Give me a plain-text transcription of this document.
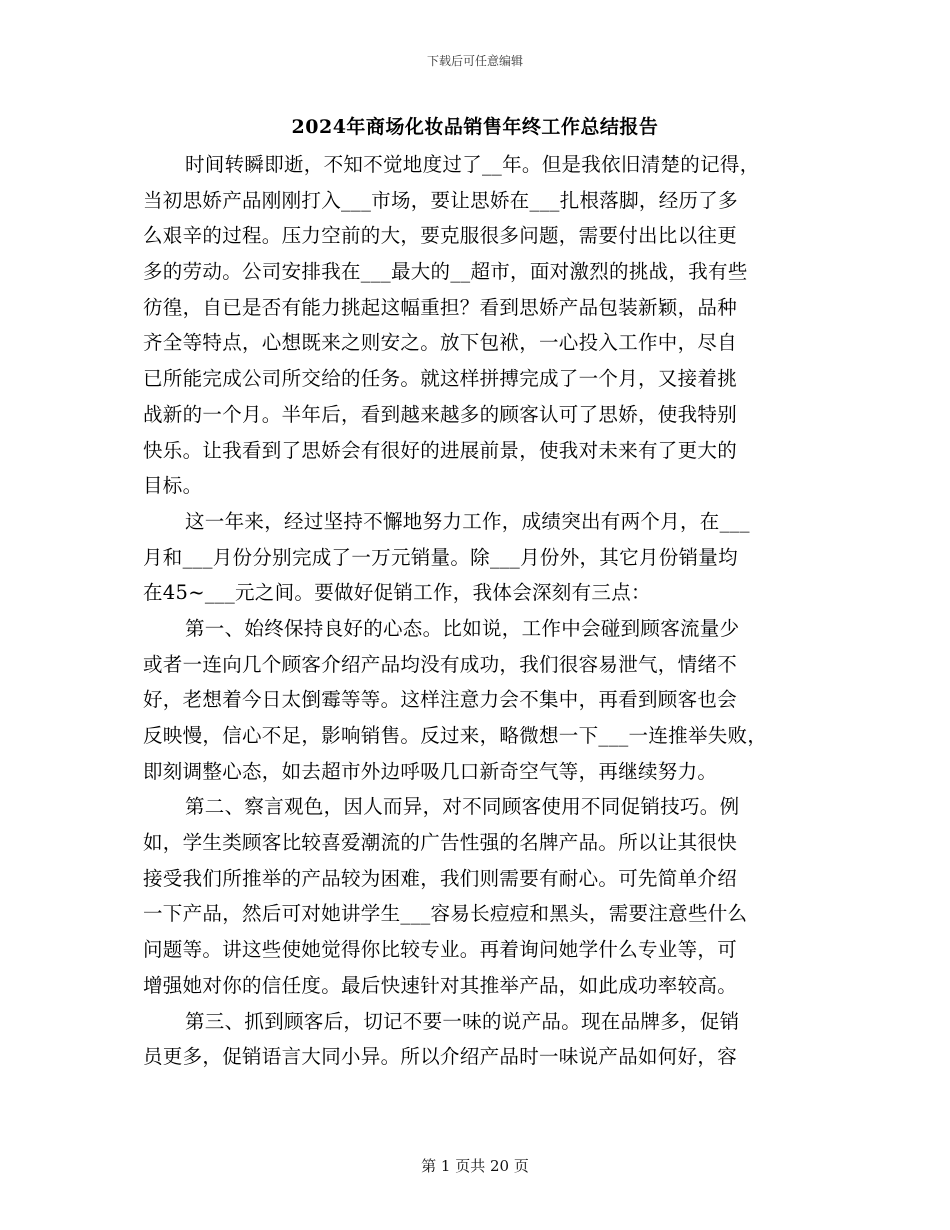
下载后可任意编辑
2024年商场化妆品销售年终工作总结报告
时间转瞬即逝，不知不觉地度过了__年。但是我依旧清楚的记得，
当初思娇产品刚刚打入___市场，要让思娇在___扎根落脚，经历了多
么艰辛的过程。压力空前的大，要克服很多问题，需要付出比以往更
多的劳动。公司安排我在___最大的__超市，面对激烈的挑战，我有些
彷徨，自已是否有能力挑起这幅重担？看到思娇产品包装新颖，品种
齐全等特点，心想既来之则安之。放下包袱，一心投入工作中，尽自
已所能完成公司所交给的任务。就这样拼搏完成了一个月，又接着挑
战新的一个月。半年后，看到越来越多的顾客认可了思娇，使我特别
快乐。让我看到了思娇会有很好的进展前景，使我对未来有了更大的
目标。
这一年来，经过坚持不懈地努力工作，成绩突出有两个月，在___
月和___月份分别完成了一万元销量。除___月份外，其它月份销量均
在45~___元之间。要做好促销工作，我体会深刻有三点：
第一、始终保持良好的心态。比如说，工作中会碰到顾客流量少
或者一连向几个顾客介绍产品均没有成功，我们很容易泄气，情绪不
好，老想着今日太倒霉等等。这样注意力会不集中，再看到顾客也会
反映慢，信心不足，影响销售。反过来，略微想一下___一连推举失败，
即刻调整心态，如去超市外边呼吸几口新奇空气等，再继续努力。
第二、察言观色，因人而异，对不同顾客使用不同促销技巧。例
如，学生类顾客比较喜爱潮流的广告性强的名牌产品。所以让其很快
接受我们所推举的产品较为困难，我们则需要有耐心。可先简单介绍
一下产品，然后可对她讲学生___容易长痘痘和黑头，需要注意些什么
问题等。讲这些使她觉得你比较专业。再着询问她学什么专业等，可
增强她对你的信任度。最后快速针对其推举产品，如此成功率较高。
第三、抓到顾客后，切记不要一味的说产品。现在品牌多，促销
员更多，促销语言大同小异。所以介绍产品时一味说产品如何好，容
第 1 页共 20 页
